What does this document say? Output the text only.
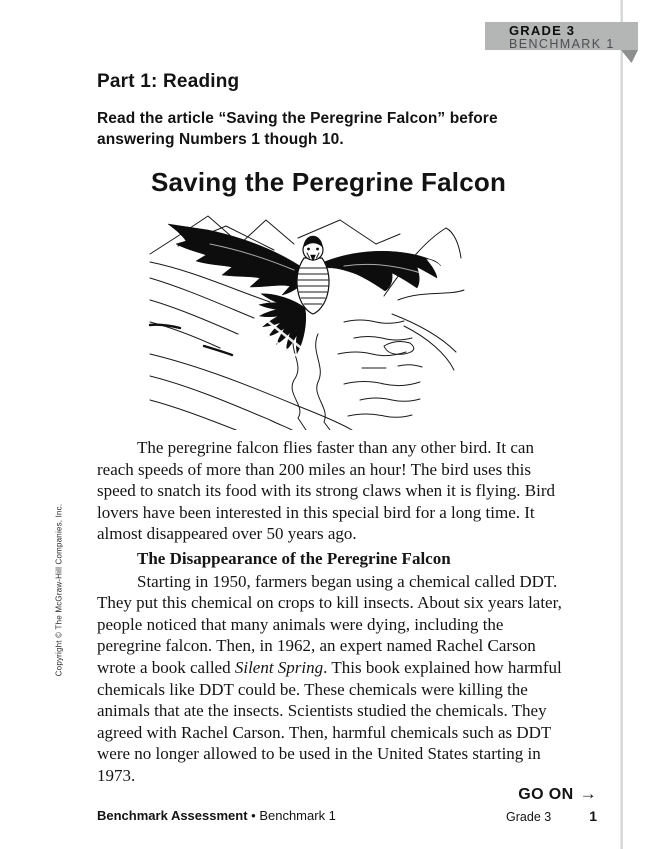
GRADE 3
BENCHMARK 1
Part 1: Reading
Read the article “Saving the Peregrine Falcon” before
answering Numbers 1 though 10.
Saving the Peregrine Falcon

The peregrine falcon flies faster than any other bird. It can reach speeds of more than 200 miles an hour! The bird uses this speed to snatch its food with its strong claws when it is flying. Bird lovers have been interested in this special bird for a long time. It almost disappeared over 50 years ago.

The Disappearance of the Peregrine Falcon

Starting in 1950, farmers began using a chemical called DDT. They put this chemical on crops to kill insects. About six years later, people noticed that many animals were dying, including the peregrine falcon. Then, in 1962, an expert named Rachel Carson wrote a book called Silent Spring. This book explained how harmful chemicals like DDT could be. These chemicals were killing the animals that ate the insects. Scientists studied the chemicals. They agreed with Rachel Carson. Then, harmful chemicals such as DDT were no longer allowed to be used in the United States starting in 1973.

Copyright © The McGraw-Hill Companies, Inc.
GO ON →
Benchmark Assessment • Benchmark 1	Grade 3	1
